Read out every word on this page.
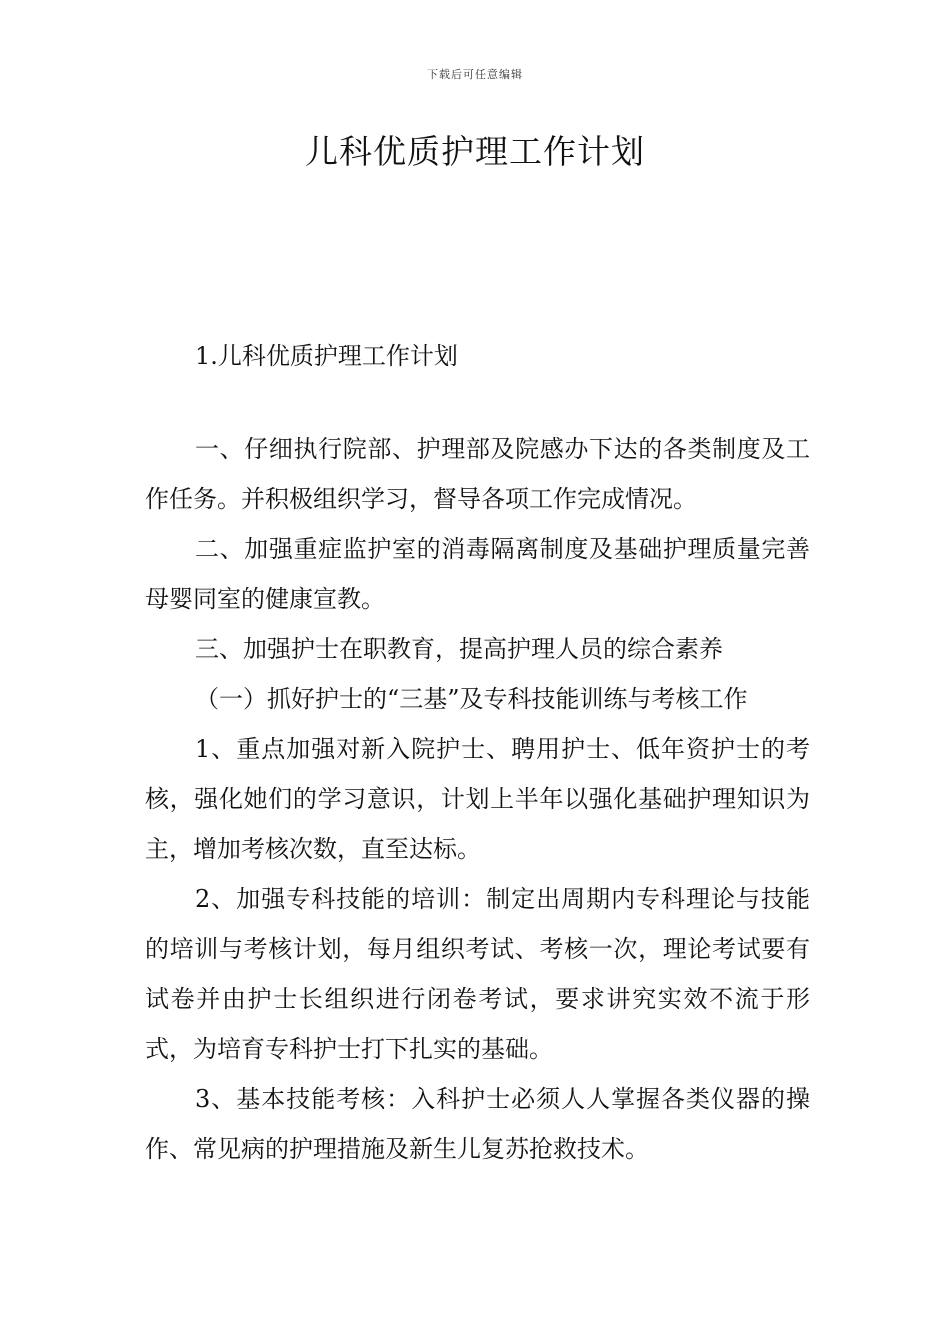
下载后可任意编辑
儿科优质护理工作计划
1.儿科优质护理工作计划

一、仔细执行院部、护理部及院感办下达的各类制度及工作任务。并积极组织学习，督导各项工作完成情况。

二、加强重症监护室的消毒隔离制度及基础护理质量完善母婴同室的健康宣教。

三、加强护士在职教育，提高护理人员的综合素养

（一）抓好护士的“三基”及专科技能训练与考核工作

1、重点加强对新入院护士、聘用护士、低年资护士的考核，强化她们的学习意识，计划上半年以强化基础护理知识为主，增加考核次数，直至达标。

2、加强专科技能的培训：制定出周期内专科理论与技能的培训与考核计划，每月组织考试、考核一次，理论考试要有试卷并由护士长组织进行闭卷考试，要求讲究实效不流于形式，为培育专科护士打下扎实的基础。

3、基本技能考核：入科护士必须人人掌握各类仪器的操作、常见病的护理措施及新生儿复苏抢救技术。
